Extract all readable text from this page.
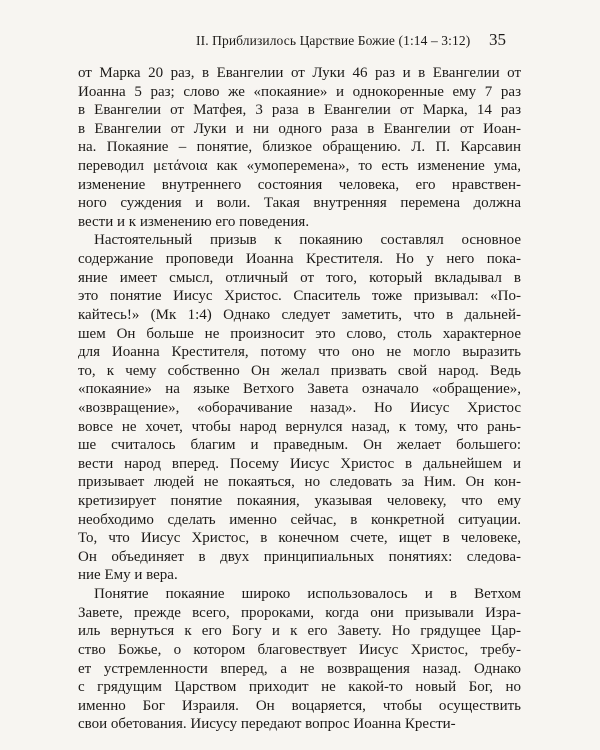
II. Приблизилось Царствие Божие (1:14 – 3:12) 35
от Марка 20 раз, в Евангелии от Луки 46 раз и в Евангелии от
Иоанна 5 раз; слово же «покаяние» и однокоренные ему 7 раз
в Евангелии от Матфея, 3 раза в Евангелии от Марка, 14 раз
в Евангелии от Луки и ни одного раза в Евангелии от Иоан-
на. Покаяние – понятие, близкое обращению. Л. П. Карсавин
переводил μετάνοια как «умоперемена», то есть изменение ума,
изменение внутреннего состояния человека, его нравствен-
ного суждения и воли. Такая внутренняя перемена должна
вести и к изменению его поведения.
Настоятельный призыв к покаянию составлял основное
содержание проповеди Иоанна Крестителя. Но у него пока-
яние имеет смысл, отличный от того, который вкладывал в
это понятие Иисус Христос. Спаситель тоже призывал: «По-
кайтесь!» (Мк 1:4) Однако следует заметить, что в дальней-
шем Он больше не произносит это слово, столь характерное
для Иоанна Крестителя, потому что оно не могло выразить
то, к чему собственно Он желал призвать свой народ. Ведь
«покаяние» на языке Ветхого Завета означало «обращение»,
«возвращение», «оборачивание назад». Но Иисус Христос
вовсе не хочет, чтобы народ вернулся назад, к тому, что рань-
ше считалось благим и праведным. Он желает большего:
вести народ вперед. Посему Иисус Христос в дальнейшем и
призывает людей не покаяться, но следовать за Ним. Он кон-
кретизирует понятие покаяния, указывая человеку, что ему
необходимо сделать именно сейчас, в конкретной ситуации.
То, что Иисус Христос, в конечном счете, ищет в человеке,
Он объединяет в двух принципиальных понятиях: следова-
ние Ему и вера.
Понятие покаяние широко использовалось и в Ветхом
Завете, прежде всего, пророками, когда они призывали Изра-
иль вернуться к его Богу и к его Завету. Но грядущее Цар-
ство Божье, о котором благовествует Иисус Христос, требу-
ет устремленности вперед, а не возвращения назад. Однако
с грядущим Царством приходит не какой-то новый Бог, но
именно Бог Израиля. Он воцаряется, чтобы осуществить
свои обетования. Иисусу передают вопрос Иоанна Крести-
